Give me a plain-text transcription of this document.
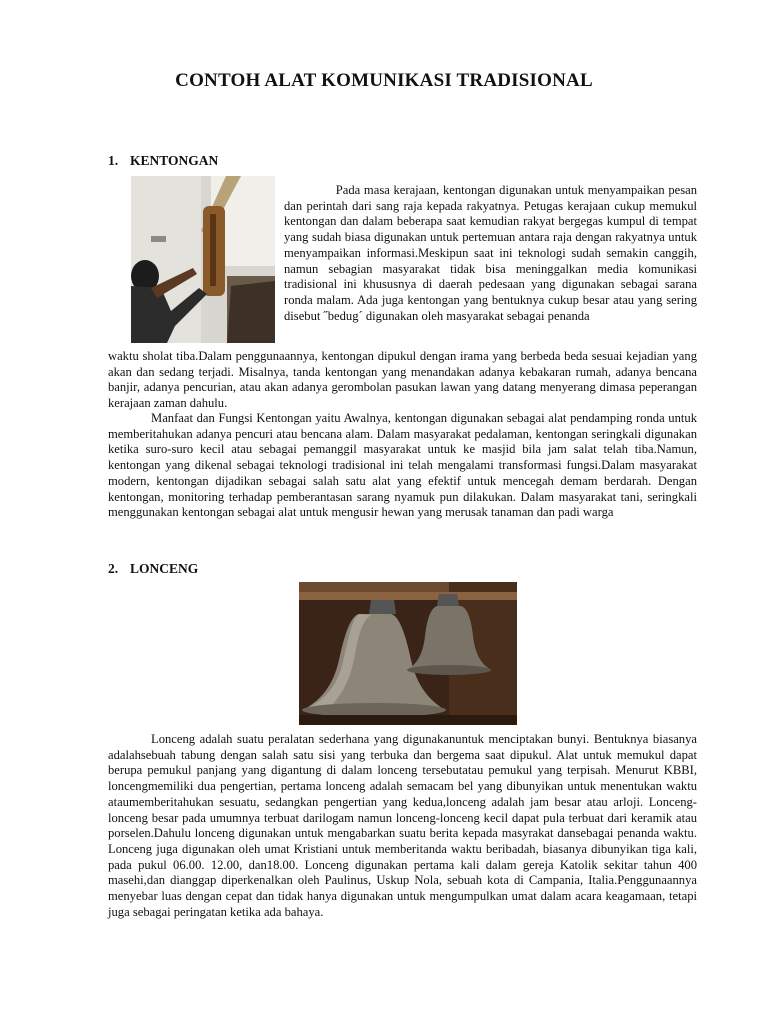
CONTOH ALAT KOMUNIKASI TRADISIONAL
1. KENTONGAN

Pada masa kerajaan, kentongan digunakan untuk menyampaikan pesan dan perintah dari sang raja kepada rakyatnya. Petugas kerajaan cukup memukul kentongan dan dalam beberapa saat kemudian rakyat bergegas kumpul di tempat yang sudah biasa digunakan untuk pertemuan antara raja dengan rakyatnya untuk menyampaikan informasi.Meskipun saat ini teknologi sudah semakin canggih, namun sebagian masyarakat tidak bisa meninggalkan media komunikasi tradisional ini khususnya di daerah pedesaan yang digunakan sebagai sarana ronda malam. Ada juga kentongan yang bentuknya cukup besar atau yang sering disebut ˝bedug´ digunakan oleh masyarakat sebagai penanda

waktu sholat tiba.Dalam penggunaannya, kentongan dipukul dengan irama yang berbeda beda sesuai kejadian yang akan dan sedang terjadi. Misalnya, tanda kentongan yang menandakan adanya kebakaran rumah, adanya bencana banjir, adanya pencurian, atau akan adanya gerombolan pasukan lawan yang datang menyerang dimasa peperangan kerajaan zaman dahulu.

Manfaat dan Fungsi Kentongan yaitu Awalnya, kentongan digunakan sebagai alat pendamping ronda untuk memberitahukan adanya pencuri atau bencana alam. Dalam masyarakat pedalaman, kentongan seringkali digunakan ketika suro-suro kecil atau sebagai pemanggil masyarakat untuk ke masjid bila jam salat telah tiba.Namun, kentongan yang dikenal sebagai teknologi tradisional ini telah mengalami transformasi fungsi.Dalam masyarakat modern, kentongan dijadikan sebagai salah satu alat yang efektif untuk mencegah demam berdarah. Dengan kentongan, monitoring terhadap pemberantasan sarang nyamuk pun dilakukan. Dalam masyarakat tani, seringkali menggunakan kentongan sebagai alat untuk mengusir hewan yang merusak tanaman dan padi warga

2. LONCENG

Lonceng adalah suatu peralatan sederhana yang digunakanuntuk menciptakan bunyi. Bentuknya biasanya adalahsebuah tabung dengan salah satu sisi yang terbuka dan bergema saat dipukul. Alat untuk memukul dapat berupa pemukul panjang yang digantung di dalam lonceng tersebutatau pemukul yang terpisah. Menurut KBBI, loncengmemiliki dua pengertian, pertama lonceng adalah semacam bel yang dibunyikan untuk menentukan waktu ataumemberitahukan sesuatu, sedangkan pengertian yang kedua,lonceng adalah jam besar atau arloji. Lonceng-lonceng besar pada umumnya terbuat darilogam namun lonceng-lonceng kecil dapat pula terbuat dari keramik atau porselen.Dahulu lonceng digunakan untuk mengabarkan suatu berita kepada masyrakat dansebagai penanda waktu. Lonceng juga digunakan oleh umat Kristiani untuk memberitanda waktu beribadah, biasanya dibunyikan tiga kali, pada pukul 06.00. 12.00, dan18.00. Lonceng digunakan pertama kali dalam gereja Katolik sekitar tahun 400 masehi,dan dianggap diperkenalkan oleh Paulinus, Uskup Nola, sebuah kota di Campania, Italia.Penggunaannya menyebar luas dengan cepat dan tidak hanya digunakan untuk mengumpulkan umat dalam acara keagamaan, tetapi juga sebagai peringatan ketika ada bahaya.
